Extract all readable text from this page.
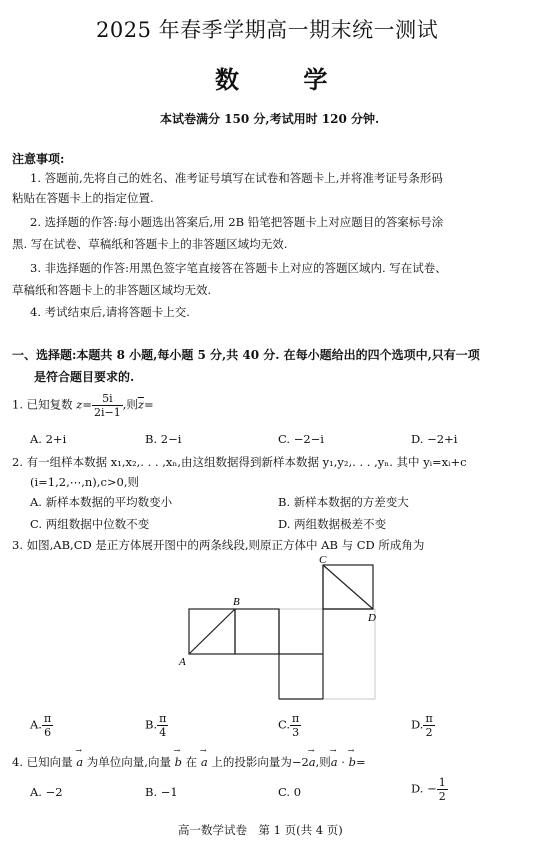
2025 年春季学期高一期末统一测试
数 学
本试卷满分 150 分,考试用时 120 分钟.
注意事项:
1. 答题前,先将自己的姓名、准考证号填写在试卷和答题卡上,并将准考证号条形码
粘贴在答题卡上的指定位置.
2. 选择题的作答:每小题选出答案后,用 2B 铅笔把答题卡上对应题目的答案标号涂
黑. 写在试卷、草稿纸和答题卡上的非答题区域均无效.
3. 非选择题的作答:用黑色签字笔直接答在答题卡上对应的答题区域内. 写在试卷、
草稿纸和答题卡上的非答题区域均无效.
4. 考试结束后,请将答题卡上交.
一、选择题:本题共 8 小题,每小题 5 分,共 40 分. 在每小题给出的四个选项中,只有一项
是符合题目要求的.
1. 已知复数 $z= \frac{5i}{2i-1}$ ,则$\overline{z}=$
A. 2+i	B. 2−i	C. −2−i	D. −2+i
2. 有一组样本数据 x₁,x₂,. . . ,xₙ,由这组数据得到新样本数据 y₁,y₂,. . . ,yₙ. 其中 yᵢ=xᵢ+c
(i=1,2,⋯,n),c>0,则
A. 新样本数据的平均数变小	B. 新样本数据的方差变大
C. 两组数据中位数不变	D. 两组数据极差不变
3. 如图,AB,CD 是正方体展开图中的两条线段,则原正方体中 AB 与 CD 所成角为
A
B
C
D
A. $\frac{\pi}{6}$	B. $\frac{\pi}{4}$	C. $\frac{\pi}{3}$	D. $\frac{\pi}{2}$
4. 已知向量 → a 为单位向量,向量 → b 在 → a 上的投影向量为−2→ a,则→ a · → b=
A. −2	B. −1	C. 0	D. − $\frac{1}{2}$
高一数学试卷　第 1 页(共 4 页)
